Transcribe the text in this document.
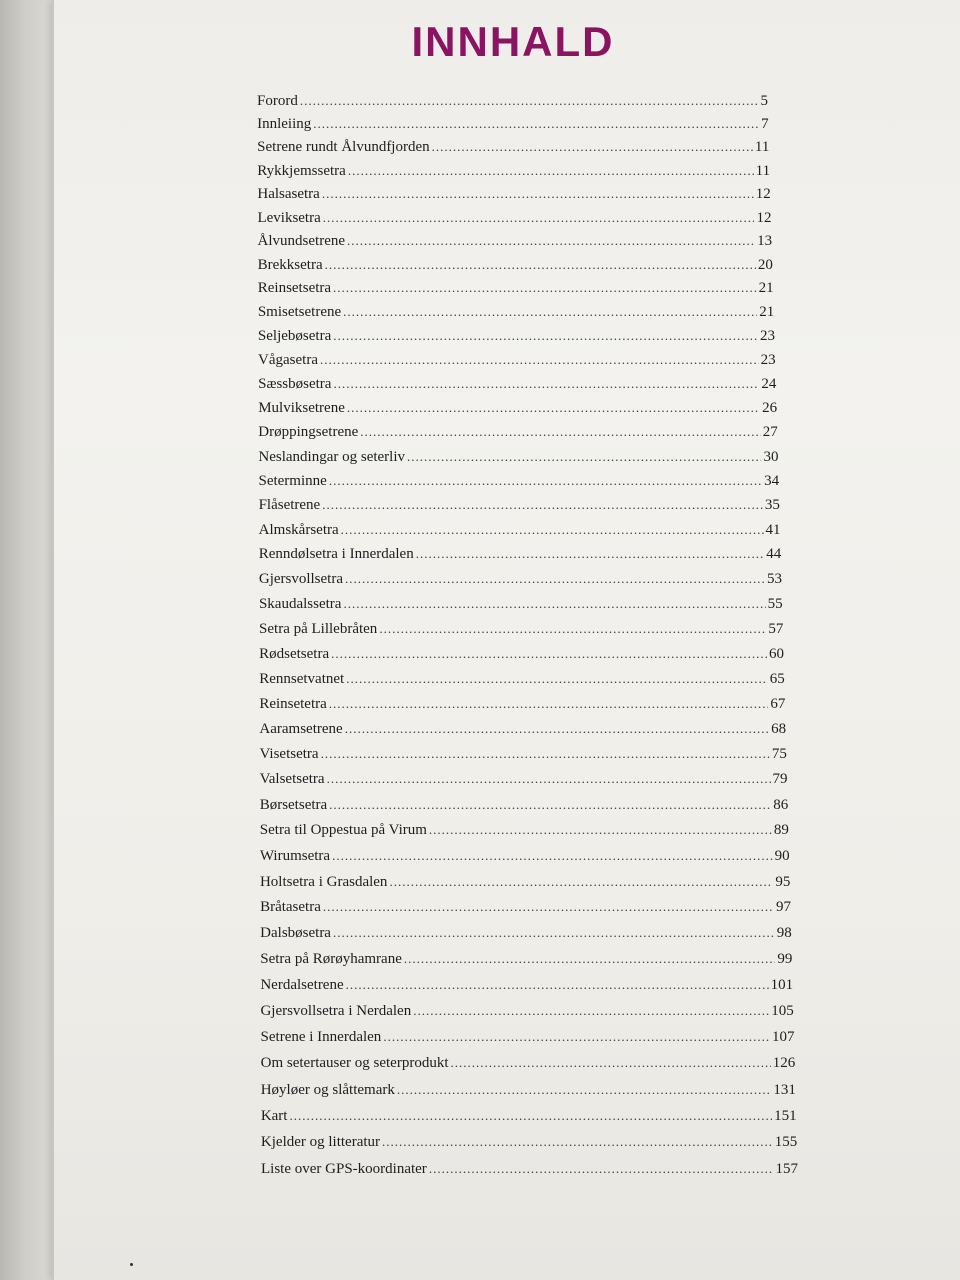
INNHALD
Forord .....	5
Innleiing .....	7
Setrene rundt Ålvundfjorden .....	11
Rykkjemssetra .....	11
Halsasetra .....	12
Leviksetra .....	12
Ålvundsetrene .....	13
Brekksetra .....	20
Reinsetsetra .....	21
Smisetsetrene .....	21
Seljebøsetra .....	23
Vågasetra .....	23
Sæssbøsetra .....	24
Mulviksetrene .....	26
Drøppingsetrene .....	27
Neslandingar og seterliv .....	30
Seterminne .....	34
Flåsetrene .....	35
Almskårsetra .....	41
Renndølsetra i Innerdalen .....	44
Gjersvollsetra .....	53
Skaudalssetra .....	55
Setra på Lillebråten .....	57
Rødsetsetra .....	60
Rennsetvatnet .....	65
Reinsetetra .....	67
Aaramsetrene .....	68
Visetsetra .....	75
Valsetsetra .....	79
Børsetsetra .....	86
Setra til Oppestua på Virum .....	89
Wirumsetra .....	90
Holtsetra i Grasdalen .....	95
Bråtasetra .....	97
Dalsbøsetra .....	98
Setra på Rørøyhamrane .....	99
Nerdalsetrene .....	101
Gjersvollsetra i Nerdalen .....	105
Setrene i Innerdalen .....	107
Om setertauser og seterprodukt .....	126
Høyløer og slåttemark .....	131
Kart .....	151
Kjelder og litteratur .....	155
Liste over GPS-koordinater .....	157
